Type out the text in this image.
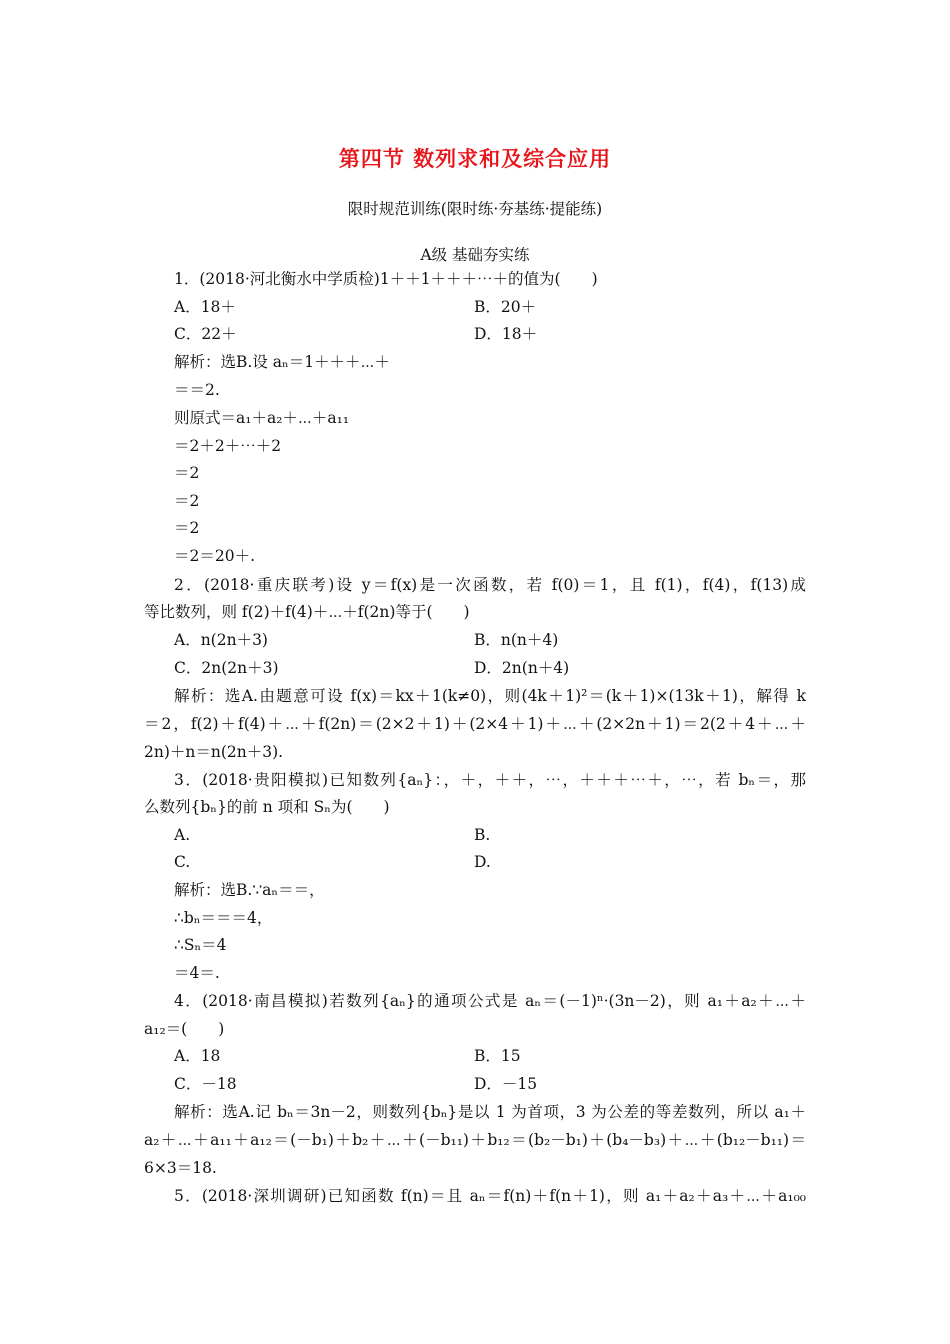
第四节 数列求和及综合应用
限时规范训练(限时练·夯基练·提能练)
A级 基础夯实练
1．(2018·河北衡水中学质检)1＋＋1＋＋＋⋯＋的值为(　　)
A．18＋	B．20＋
C．22＋	D．18＋
解析：选B.设 aₙ＝1＋＋＋⋯＋
＝＝2.
则原式＝a₁＋a₂＋⋯＋a₁₁
＝2＋2＋⋯＋2
＝2
＝2
＝2
＝2＝20＋.
2．(2018·重庆联考)设 y＝f(x)是一次函数，若 f(0)＝1，且 f(1)，f(4)，f(13)成
等比数列，则 f(2)＋f(4)＋⋯＋f(2n)等于(　　)
A．n(2n＋3)	B．n(n＋4)
C．2n(2n＋3)	D．2n(n＋4)
解析：选A.由题意可设 f(x)＝kx＋1(k≠0)，则(4k＋1)²＝(k＋1)×(13k＋1)，解得 k
＝2，f(2)＋f(4)＋⋯＋f(2n)＝(2×2＋1)＋(2×4＋1)＋⋯＋(2×2n＋1)＝2(2＋4＋⋯＋
2n)＋n＝n(2n＋3).
3．(2018·贵阳模拟)已知数列{aₙ}：，＋，＋＋，⋯，＋＋＋⋯＋，⋯，若 bₙ＝，那
么数列{bₙ}的前 n 项和 Sₙ为(　　)
A.	B.
C.	D.
解析：选B.∵aₙ＝＝，
∴bₙ＝＝＝4，
∴Sₙ＝4
＝4＝.
4．(2018·南昌模拟)若数列{aₙ}的通项公式是 aₙ＝(－1)ⁿ·(3n－2)，则 a₁＋a₂＋⋯＋
a₁₂＝(　　)
A．18	B．15
C．－18	D．－15
解析：选A.记 bₙ＝3n－2，则数列{bₙ}是以 1 为首项，3 为公差的等差数列，所以 a₁＋
a₂＋⋯＋a₁₁＋a₁₂＝(－b₁)＋b₂＋⋯＋(－b₁₁)＋b₁₂＝(b₂－b₁)＋(b₄－b₃)＋⋯＋(b₁₂－b₁₁)＝
6×3＝18.
5．(2018·深圳调研)已知函数 f(n)＝且 aₙ＝f(n)＋f(n＋1)，则 a₁＋a₂＋a₃＋⋯＋a₁₀₀
